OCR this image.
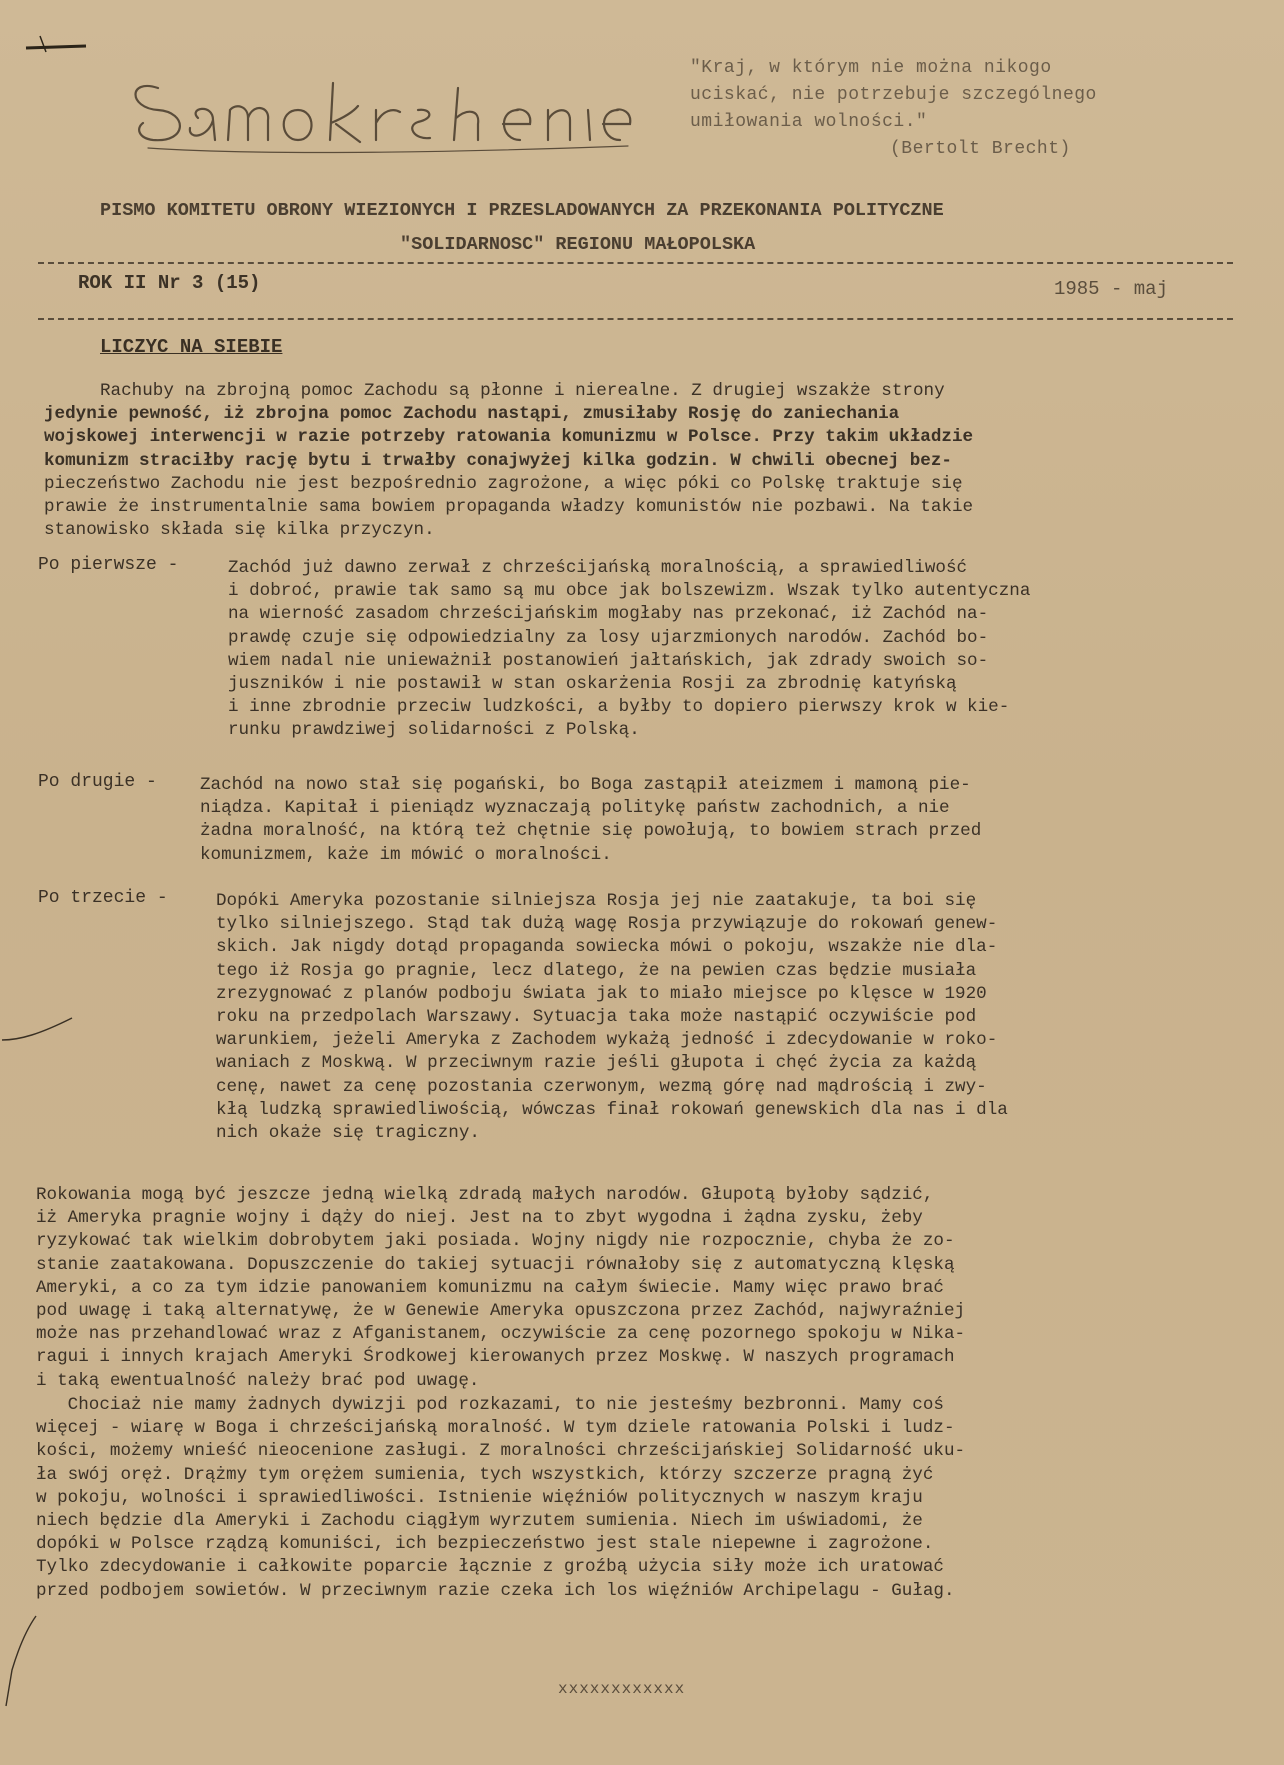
"Kraj, w którym nie można nikogo
uciskać, nie potrzebuje szczególnego
umiłowania wolności."
(Bertolt Brecht)
PISMO KOMITETU OBRONY WIEZIONYCH I PRZESLADOWANYCH ZA PRZEKONANIA POLITYCZNE
"SOLIDARNOSC" REGIONU MAŁOPOLSKA
ROK II Nr 3 (15)	1985 - maj
LICZYC NA SIEBIE
Rachuby na zbrojną pomoc Zachodu są płonne i nierealne. Z drugiej wszakże strony
jedynie pewność, iż zbrojna pomoc Zachodu nastąpi, zmusiłaby Rosję do zaniechania
wojskowej interwencji w razie potrzeby ratowania komunizmu w Polsce. Przy takim układzie
komunizm straciłby rację bytu i trwałby conajwyżej kilka godzin. W chwili obecnej bez-
pieczeństwo Zachodu nie jest bezpośrednio zagrożone, a więc póki co Polskę traktuje się
prawie że instrumentalnie sama bowiem propaganda władzy komunistów nie pozbawi. Na takie
stanowisko składa się kilka przyczyn.
Po pierwsze -	Zachód już dawno zerwał z chrześcijańską moralnością, a sprawiedliwość
i dobroć, prawie tak samo są mu obce jak bolszewizm. Wszak tylko autentyczna
na wierność zasadom chrześcijańskim mogłaby nas przekonać, iż Zachód na-
prawdę czuje się odpowiedzialny za losy ujarzmionych narodów. Zachód bo-
wiem nadal nie unieważnił postanowień jałtańskich, jak zdrady swoich so-
juszników i nie postawił w stan oskarżenia Rosji za zbrodnię katyńską
i inne zbrodnie przeciw ludzkości, a byłby to dopiero pierwszy krok w kie-
runku prawdziwej solidarności z Polską.
Po drugie - Zachód na nowo stał się pogański, bo Boga zastąpił ateizmem i mamoną pie-
niądza. Kapitał i pieniądz wyznaczają politykę państw zachodnich, a nie
żadna moralność, na którą też chętnie się powołują, to bowiem strach przed
komunizmem, każe im mówić o moralności.
Po trzecie -	Dopóki Ameryka pozostanie silniejsza Rosja jej nie zaatakuje, ta boi się
tylko silniejszego. Stąd tak dużą wagę Rosja przywiązuje do rokowań genew-
skich. Jak nigdy dotąd propaganda sowiecka mówi o pokoju, wszakże nie dla-
tego iż Rosja go pragnie, lecz dlatego, że na pewien czas będzie musiała
zrezygnować z planów podboju świata jak to miało miejsce po klęsce w 1920
roku na przedpolach Warszawy. Sytuacja taka może nastąpić oczywiście pod
warunkiem, jeżeli Ameryka z Zachodem wykażą jedność i zdecydowanie w roko-
waniach z Moskwą. W przeciwnym razie jeśli głupota i chęć życia za każdą
cenę, nawet za cenę pozostania czerwonym, wezmą górę nad mądrością i zwy-
kłą ludzką sprawiedliwością, wówczas finał rokowań genewskich dla nas i dla
nich okaże się tragiczny.
Rokowania mogą być jeszcze jedną wielką zdradą małych narodów. Głupotą byłoby sądzić,
iż Ameryka pragnie wojny i dąży do niej. Jest na to zbyt wygodna i żądna zysku, żeby
ryzykować tak wielkim dobrobytem jaki posiada. Wojny nigdy nie rozpocznie, chyba że zo-
stanie zaatakowana. Dopuszczenie do takiej sytuacji równałoby się z automatyczną klęską
Ameryki, a co za tym idzie panowaniem komunizmu na całym świecie. Mamy więc prawo brać
pod uwagę i taką alternatywę, że w Genewie Ameryka opuszczona przez Zachód, najwyraźniej
może nas przehandlować wraz z Afganistanem, oczywiście za cenę pozornego spokoju w Nika-
ragui i innych krajach Ameryki Środkowej kierowanych przez Moskwę. W naszych programach
i taką ewentualność należy brać pod uwagę.
Chociaż nie mamy żadnych dywizji pod rozkazami, to nie jesteśmy bezbronni. Mamy coś
więcej - wiarę w Boga i chrześcijańską moralność. W tym dziele ratowania Polski i ludz-
kości, możemy wnieść nieocenione zasługi. Z moralności chrześcijańskiej Solidarność uku-
ła swój oręż. Drążmy tym orężem sumienia, tych wszystkich, którzy szczerze pragną żyć
w pokoju, wolności i sprawiedliwości. Istnienie więźniów politycznych w naszym kraju
niech będzie dla Ameryki i Zachodu ciągłym wyrzutem sumienia. Niech im uświadomi, że
dopóki w Polsce rządzą komuniści, ich bezpieczeństwo jest stale niepewne i zagrożone.
Tylko zdecydowanie i całkowite poparcie łącznie z groźbą użycia siły może ich uratować
przed podbojem sowietów. W przeciwnym razie czeka ich los więźniów Archipelagu - Gułag.
xxxxxxxxxxxx
